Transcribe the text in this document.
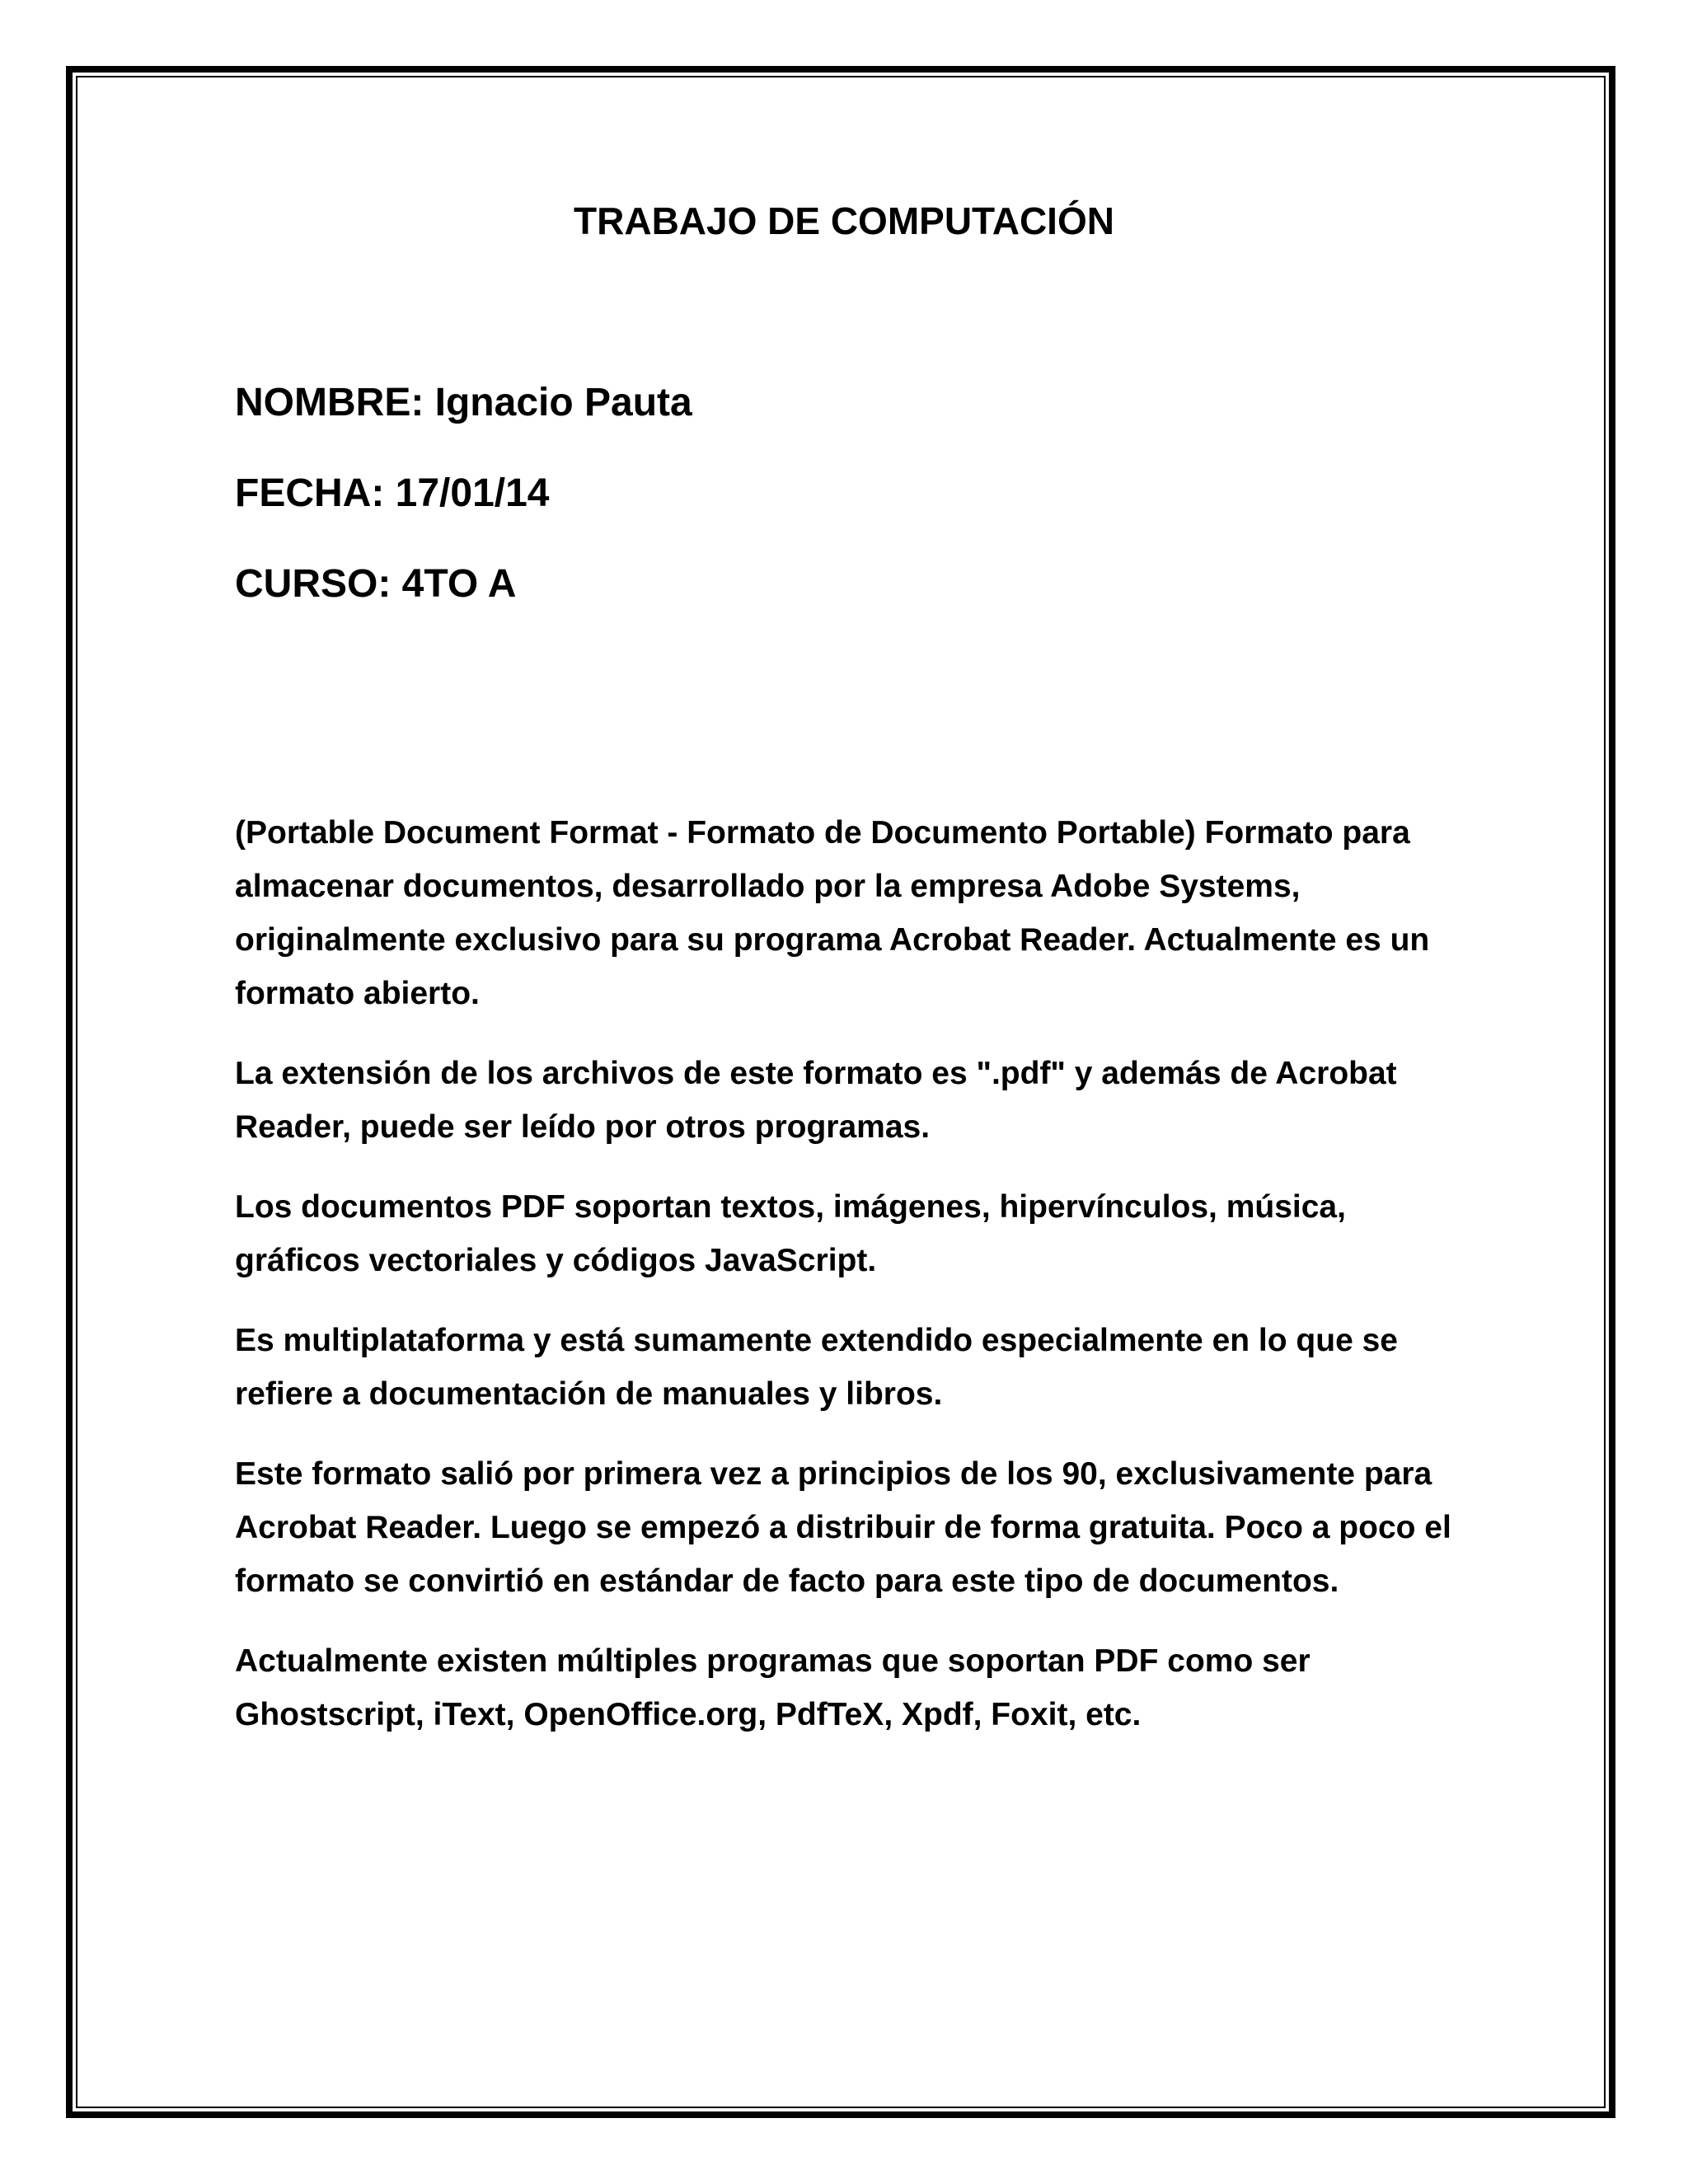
TRABAJO DE COMPUTACIÓN

NOMBRE: Ignacio Pauta

FECHA: 17/01/14

CURSO: 4TO A

(Portable Document Format - Formato de Documento Portable) Formato para almacenar documentos, desarrollado por la empresa Adobe Systems, originalmente exclusivo para su programa Acrobat Reader. Actualmente es un formato abierto.

La extensión de los archivos de este formato es ".pdf" y además de Acrobat Reader, puede ser leído por otros programas.

Los documentos PDF soportan textos, imágenes, hipervínculos, música, gráficos vectoriales y códigos JavaScript.

Es multiplataforma y está sumamente extendido especialmente en lo que se refiere a documentación de manuales y libros.

Este formato salió por primera vez a principios de los 90, exclusivamente para Acrobat Reader. Luego se empezó a distribuir de forma gratuita. Poco a poco el formato se convirtió en estándar de facto para este tipo de documentos.

Actualmente existen múltiples programas que soportan PDF como ser Ghostscript, iText, OpenOffice.org, PdfTeX, Xpdf, Foxit, etc.
